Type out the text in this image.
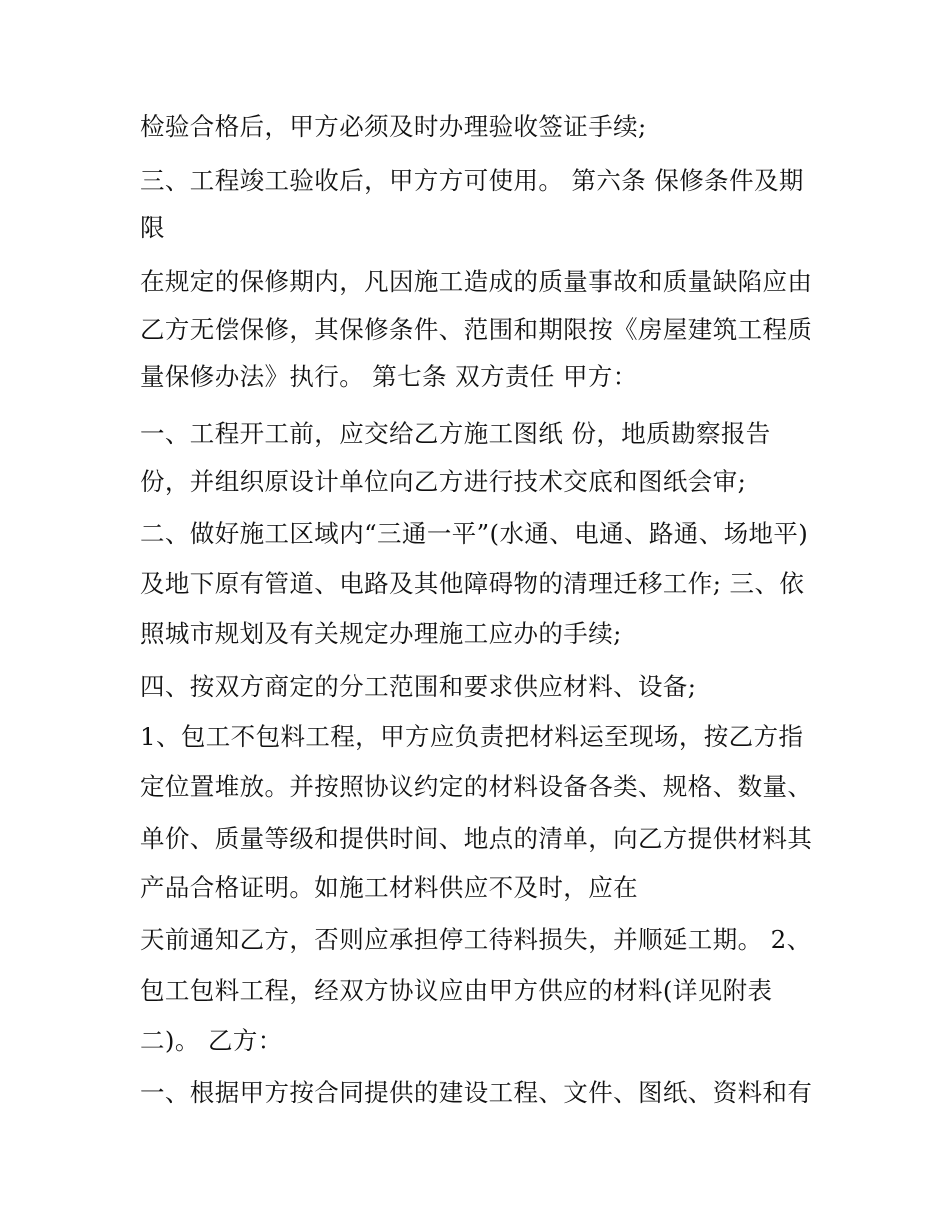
检验合格后，甲方必须及时办理验收签证手续;
三、工程竣工验收后，甲方方可使用。 第六条 保修条件及期
限
在规定的保修期内，凡因施工造成的质量事故和质量缺陷应由
乙方无偿保修，其保修条件、范围和期限按《房屋建筑工程质
量保修办法》执行。 第七条 双方责任 甲方：
一、工程开工前，应交给乙方施工图纸 份，地质勘察报告
份，并组织原设计单位向乙方进行技术交底和图纸会审;
二、做好施工区域内“三通一平”(水通、电通、路通、场地平)
及地下原有管道、电路及其他障碍物的清理迁移工作; 三、依
照城市规划及有关规定办理施工应办的手续;
四、按双方商定的分工范围和要求供应材料、设备;
1、包工不包料工程，甲方应负责把材料运至现场，按乙方指
定位置堆放。并按照协议约定的材料设备各类、规格、数量、
单价、质量等级和提供时间、地点的清单，向乙方提供材料其
产品合格证明。如施工材料供应不及时，应在
天前通知乙方，否则应承担停工待料损失，并顺延工期。 2、
包工包料工程，经双方协议应由甲方供应的材料(详见附表
二)。 乙方：
一、根据甲方按合同提供的建设工程、文件、图纸、资料和有
